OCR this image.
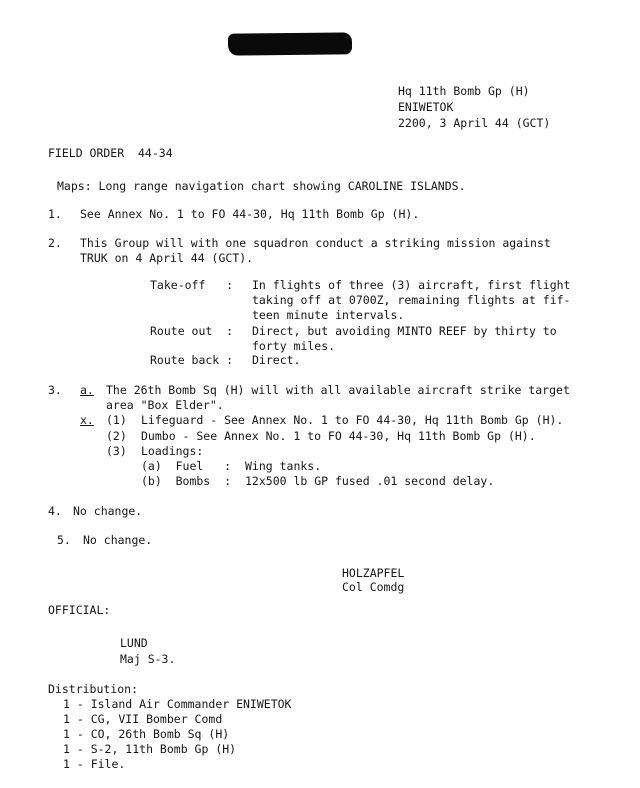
Hq 11th Bomb Gp (H)
ENIWETOK
2200, 3 April 44 (GCT)
FIELD ORDER  44-34
Maps: Long range navigation chart showing CAROLINE ISLANDS.
1. See Annex No. 1 to FO 44-30, Hq 11th Bomb Gp (H).
2. This Group will with one squadron conduct a striking mission against
TRUK on 4 April 44 (GCT).
Take-off   : In flights of three (3) aircraft, first flight
taking off at 0700Z, remaining flights at fif-
teen minute intervals.
Route out  : Direct, but avoiding MINTO REEF by thirty to
forty miles.
Route back : Direct.
3. a. The 26th Bomb Sq (H) will with all available aircraft strike target
area "Box Elder".
x. (1) Lifeguard - See Annex No. 1 to FO 44-30, Hq 11th Bomb Gp (H).
(2) Dumbo - See Annex No. 1 to FO 44-30, Hq 11th Bomb Gp (H).
(3) Loadings:
(a)  Fuel   : Wing tanks.
(b)  Bombs  : 12x500 lb GP fused .01 second delay.
4. No change.
5. No change.
HOLZAPFEL
Col Comdg
OFFICIAL:
LUND
Maj S-3.
Distribution:
1 - Island Air Commander ENIWETOK
1 - CG, VII Bomber Comd
1 - CO, 26th Bomb Sq (H)
1 - S-2, 11th Bomb Gp (H)
1 - File.
